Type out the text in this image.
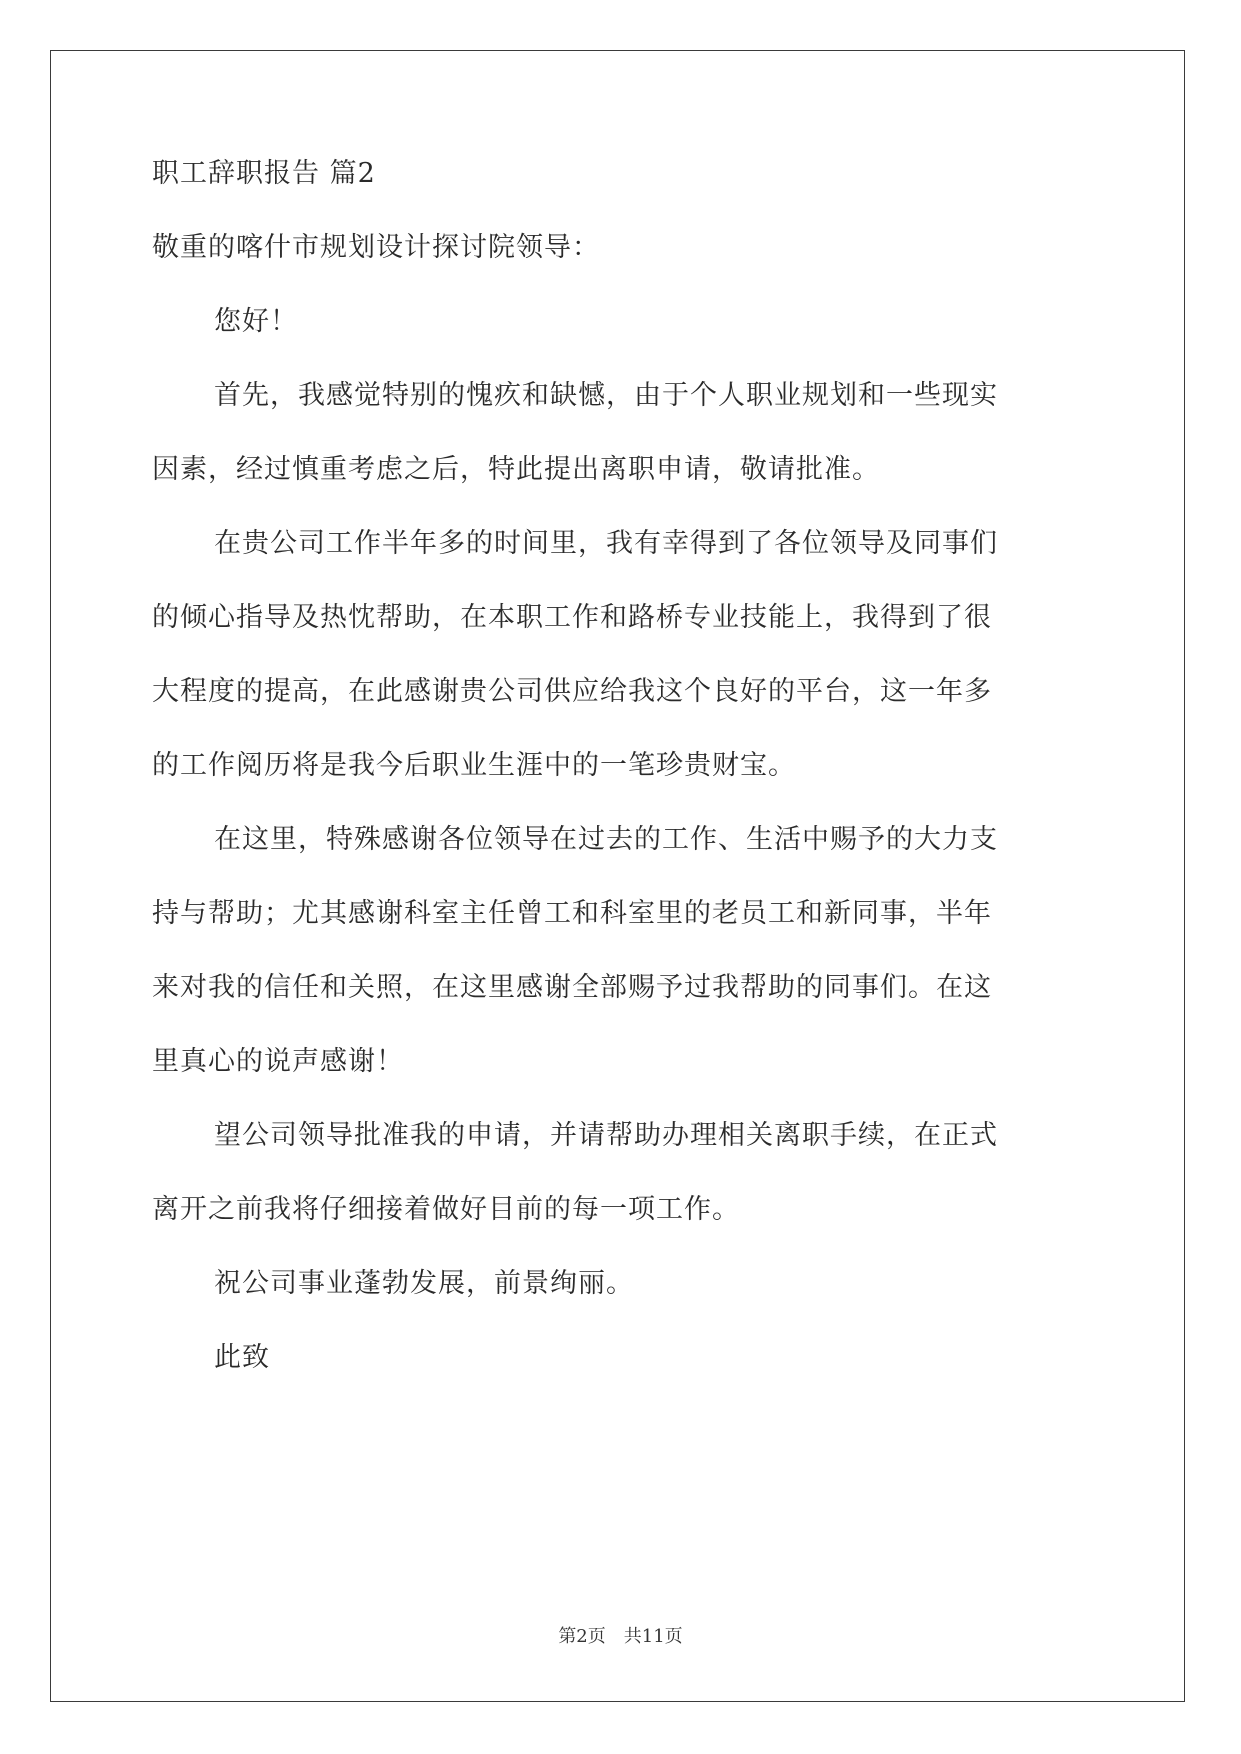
职工辞职报告 篇2
敬重的喀什市规划设计探讨院领导：
您好！
首先，我感觉特别的愧疚和缺憾，由于个人职业规划和一些现实
因素，经过慎重考虑之后，特此提出离职申请，敬请批准。
在贵公司工作半年多的时间里，我有幸得到了各位领导及同事们
的倾心指导及热忱帮助，在本职工作和路桥专业技能上，我得到了很
大程度的提高，在此感谢贵公司供应给我这个良好的平台，这一年多
的工作阅历将是我今后职业生涯中的一笔珍贵财宝。
在这里，特殊感谢各位领导在过去的工作、生活中赐予的大力支
持与帮助；尤其感谢科室主任曾工和科室里的老员工和新同事，半年
来对我的信任和关照，在这里感谢全部赐予过我帮助的同事们。在这
里真心的说声感谢！
望公司领导批准我的申请，并请帮助办理相关离职手续，在正式
离开之前我将仔细接着做好目前的每一项工作。
祝公司事业蓬勃发展，前景绚丽。
此致
第2页 共11页
